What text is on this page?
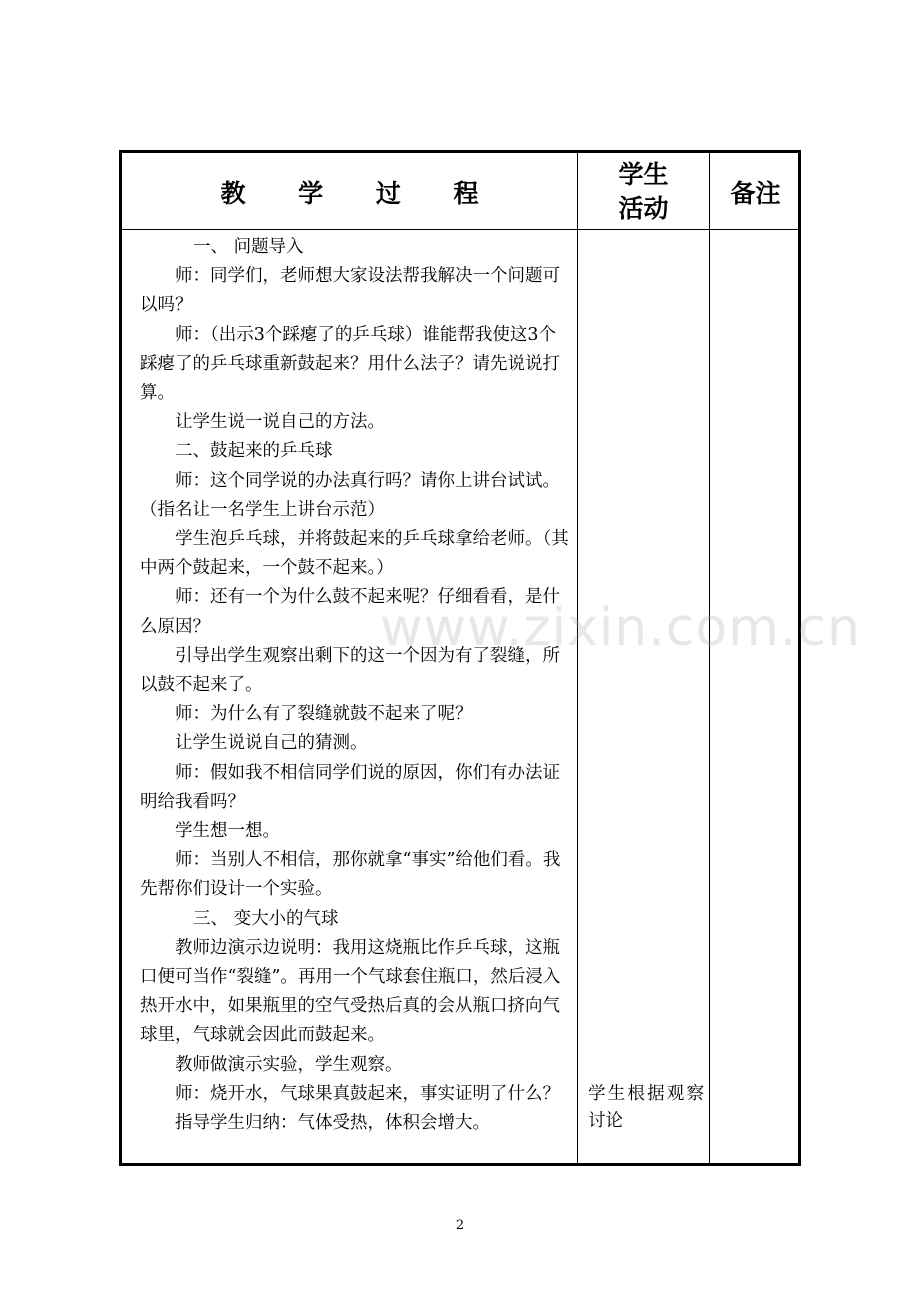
教 学 过 程
学生活动
备注

一、 问题导入

师：同学们，老师想大家设法帮我解决一个问题可以吗？

师：（出示3个踩瘪了的乒乓球）谁能帮我使这3个踩瘪了的乒乓球重新鼓起来？用什么法子？请先说说打算。

让学生说一说自己的方法。

二、鼓起来的乒乓球

师：这个同学说的办法真行吗？请你上讲台试试。（指名让一名学生上讲台示范）

学生泡乒乓球，并将鼓起来的乒乓球拿给老师。（其中两个鼓起来，一个鼓不起来。）

师：还有一个为什么鼓不起来呢？仔细看看，是什么原因？

引导出学生观察出剩下的这一个因为有了裂缝，所以鼓不起来了。

师：为什么有了裂缝就鼓不起来了呢？

让学生说说自己的猜测。

师：假如我不相信同学们说的原因，你们有办法证明给我看吗？

学生想一想。

师：当别人不相信，那你就拿“事实”给他们看。我先帮你们设计一个实验。

三、 变大小的气球

教师边演示边说明：我用这烧瓶比作乒乓球，这瓶口便可当作“裂缝”。再用一个气球套住瓶口，然后浸入热开水中，如果瓶里的空气受热后真的会从瓶口挤向气球里，气球就会因此而鼓起来。

教师做演示实验，学生观察。

师：烧开水，气球果真鼓起来，事实证明了什么？

指导学生归纳：气体受热，体积会增大。

学生根据观察讨论
www.zixin.com.cn
2
